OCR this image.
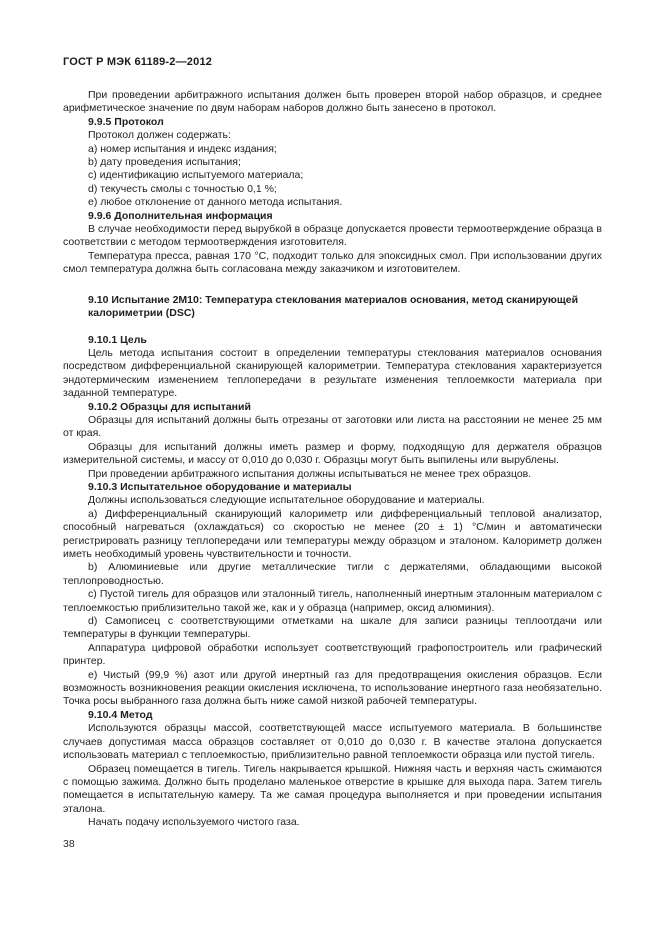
ГОСТ Р МЭК 61189-2—2012

При проведении арбитражного испытания должен быть проверен второй набор образцов, и среднее арифметическое значение по двум наборам наборов должно быть занесено в протокол.

9.9.5 Протокол

Протокол должен содержать:

a) номер испытания и индекс издания;

b) дату проведения испытания;

c) идентификацию испытуемого материала;

d) текучесть смолы с точностью 0,1 %;

e) любое отклонение от данного метода испытания.

9.9.6 Дополнительная информация

В случае необходимости перед вырубкой в образце допускается провести термоотверждение образца в соответствии с методом термоотверждения изготовителя.

Температура пресса, равная 170 °С, подходит только для эпоксидных смол. При использовании других смол температура должна быть согласована между заказчиком и изготовителем.

9.10 Испытание 2М10: Температура стеклования материалов основания, метод сканирующей калориметрии (DSC)

9.10.1 Цель

Цель метода испытания состоит в определении температуры стеклования материалов основания посредством дифференциальной сканирующей калориметрии. Температура стеклования характеризуется эндотермическим изменением теплопередачи в результате изменения теплоемкости материала при заданной температуре.

9.10.2 Образцы для испытаний

Образцы для испытаний должны быть отрезаны от заготовки или листа на расстоянии не менее 25 мм от края.

Образцы для испытаний должны иметь размер и форму, подходящую для держателя образцов измерительной системы, и массу от 0,010 до 0,030 г. Образцы могут быть выпилены или вырублены.

При проведении арбитражного испытания должны испытываться не менее трех образцов.

9.10.3 Испытательное оборудование и материалы

Должны использоваться следующие испытательное оборудование и материалы.

a) Дифференциальный сканирующий калориметр или дифференциальный тепловой анализатор, способный нагреваться (охлаждаться) со скоростью не менее (20 ± 1) °С/мин и автоматически регистрировать разницу теплопередачи или температуры между образцом и эталоном. Калориметр должен иметь необходимый уровень чувствительности и точности.

b) Алюминиевые или другие металлические тигли с держателями, обладающими высокой теплопроводностью.

c) Пустой тигель для образцов или эталонный тигель, наполненный инертным эталонным материалом с теплоемкостью приблизительно такой же, как и у образца (например, оксид алюминия).

d) Самописец с соответствующими отметками на шкале для записи разницы теплоотдачи или температуры в функции температуры.

Аппаратура цифровой обработки использует соответствующий графопостроитель или графический принтер.

e) Чистый (99,9 %) азот или другой инертный газ для предотвращения окисления образцов. Если возможность возникновения реакции окисления исключена, то использование инертного газа необязательно. Точка росы выбранного газа должна быть ниже самой низкой рабочей температуры.

9.10.4 Метод

Используются образцы массой, соответствующей массе испытуемого материала. В большинстве случаев допустимая масса образцов составляет от 0,010 до 0,030 г. В качестве эталона допускается использовать материал с теплоемкостью, приблизительно равной теплоемкости образца или пустой тигель.

Образец помещается в тигель. Тигель накрывается крышкой. Нижняя часть и верхняя часть сжимаются с помощью зажима. Должно быть проделано маленькое отверстие в крышке для выхода пара. Затем тигель помещается в испытательную камеру. Та же самая процедура выполняется и при проведении испытания эталона.

Начать подачу используемого чистого газа.

38
